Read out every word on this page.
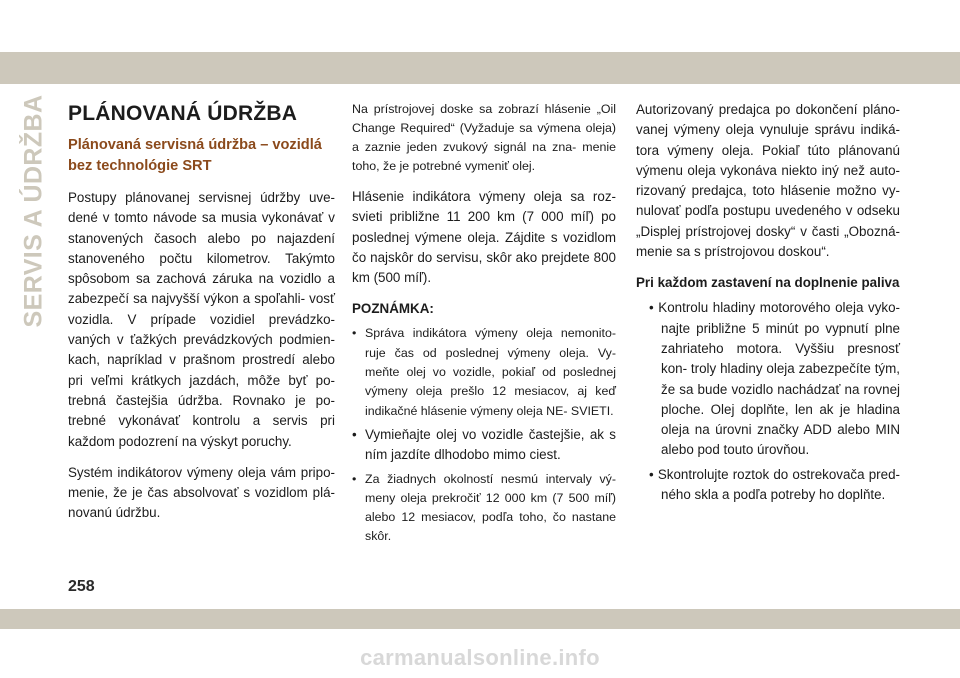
SERVIS A ÚDRŽBA PLÁNOVANÁ ÚDRŽBA
Plánovaná servisná údržba – vozidlá bez technológie SRT

Postupy plánovanej servisnej údržby uve- dené v tomto návode sa musia vykonávať v stanovených časoch alebo po najazdení stanoveného počtu kilometrov. Takýmto spôsobom sa zachová záruka na vozidlo a zabezpečí sa najvyšší výkon a spoľahli- vosť vozidla. V prípade vozidiel prevádzko- vaných v ťažkých prevádzkových podmien- kach, napríklad v prašnom prostredí alebo pri veľmi krátkych jazdách, môže byť po- trebná častejšia údržba. Rovnako je po- trebné vykonávať kontrolu a servis pri každom podozrení na výskyt poruchy.

Systém indikátorov výmeny oleja vám pripo- menie, že je čas absolvovať s vozidlom plá- novanú údržbu.

Na prístrojovej doske sa zobrazí hlásenie „Oil Change Required“ (Vyžaduje sa výmena oleja) a zaznie jeden zvukový signál na zna- menie toho, že je potrebné vymeniť olej.

Hlásenie indikátora výmeny oleja sa roz- svieti približne 11 200 km (7 000 míľ) po poslednej výmene oleja. Zájdite s vozidlom čo najskôr do servisu, skôr ako prejdete 800 km (500 míľ).

POZNÁMKA:
• Správa indikátora výmeny oleja nemonito- ruje čas od poslednej výmeny oleja. Vy- meňte olej vo vozidle, pokiaľ od poslednej výmeny oleja prešlo 12 mesiacov, aj keď indikačné hlásenie výmeny oleja NE- SVIETI.
• Vymieňajte olej vo vozidle častejšie, ak s ním jazdíte dlhodobo mimo ciest.
• Za žiadnych okolností nesmú intervaly vý- meny oleja prekročiť 12 000 km (7 500 míľ) alebo 12 mesiacov, podľa toho, čo nastane skôr.

Autorizovaný predajca po dokončení pláno- vanej výmeny oleja vynuluje správu indiká- tora výmeny oleja. Pokiaľ túto plánovanú výmenu oleja vykonáva niekto iný než auto- rizovaný predajca, toto hlásenie možno vy- nulovať podľa postupu uvedeného v odseku „Displej prístrojovej dosky“ v časti „Obozná- menie sa s prístrojovou doskou“.

Pri každom zastavení na doplnenie paliva
• Kontrolu hladiny motorového oleja vyko- najte približne 5 minút po vypnutí plne zahriateho motora. Vyššiu presnosť kon- troly hladiny oleja zabezpečíte tým, že sa bude vozidlo nachádzať na rovnej ploche. Olej doplňte, len ak je hladina oleja na úrovni značky ADD alebo MIN alebo pod touto úrovňou.
• Skontrolujte roztok do ostrekovača pred- ného skla a podľa potreby ho doplňte.
258
carmanualsonline.info
